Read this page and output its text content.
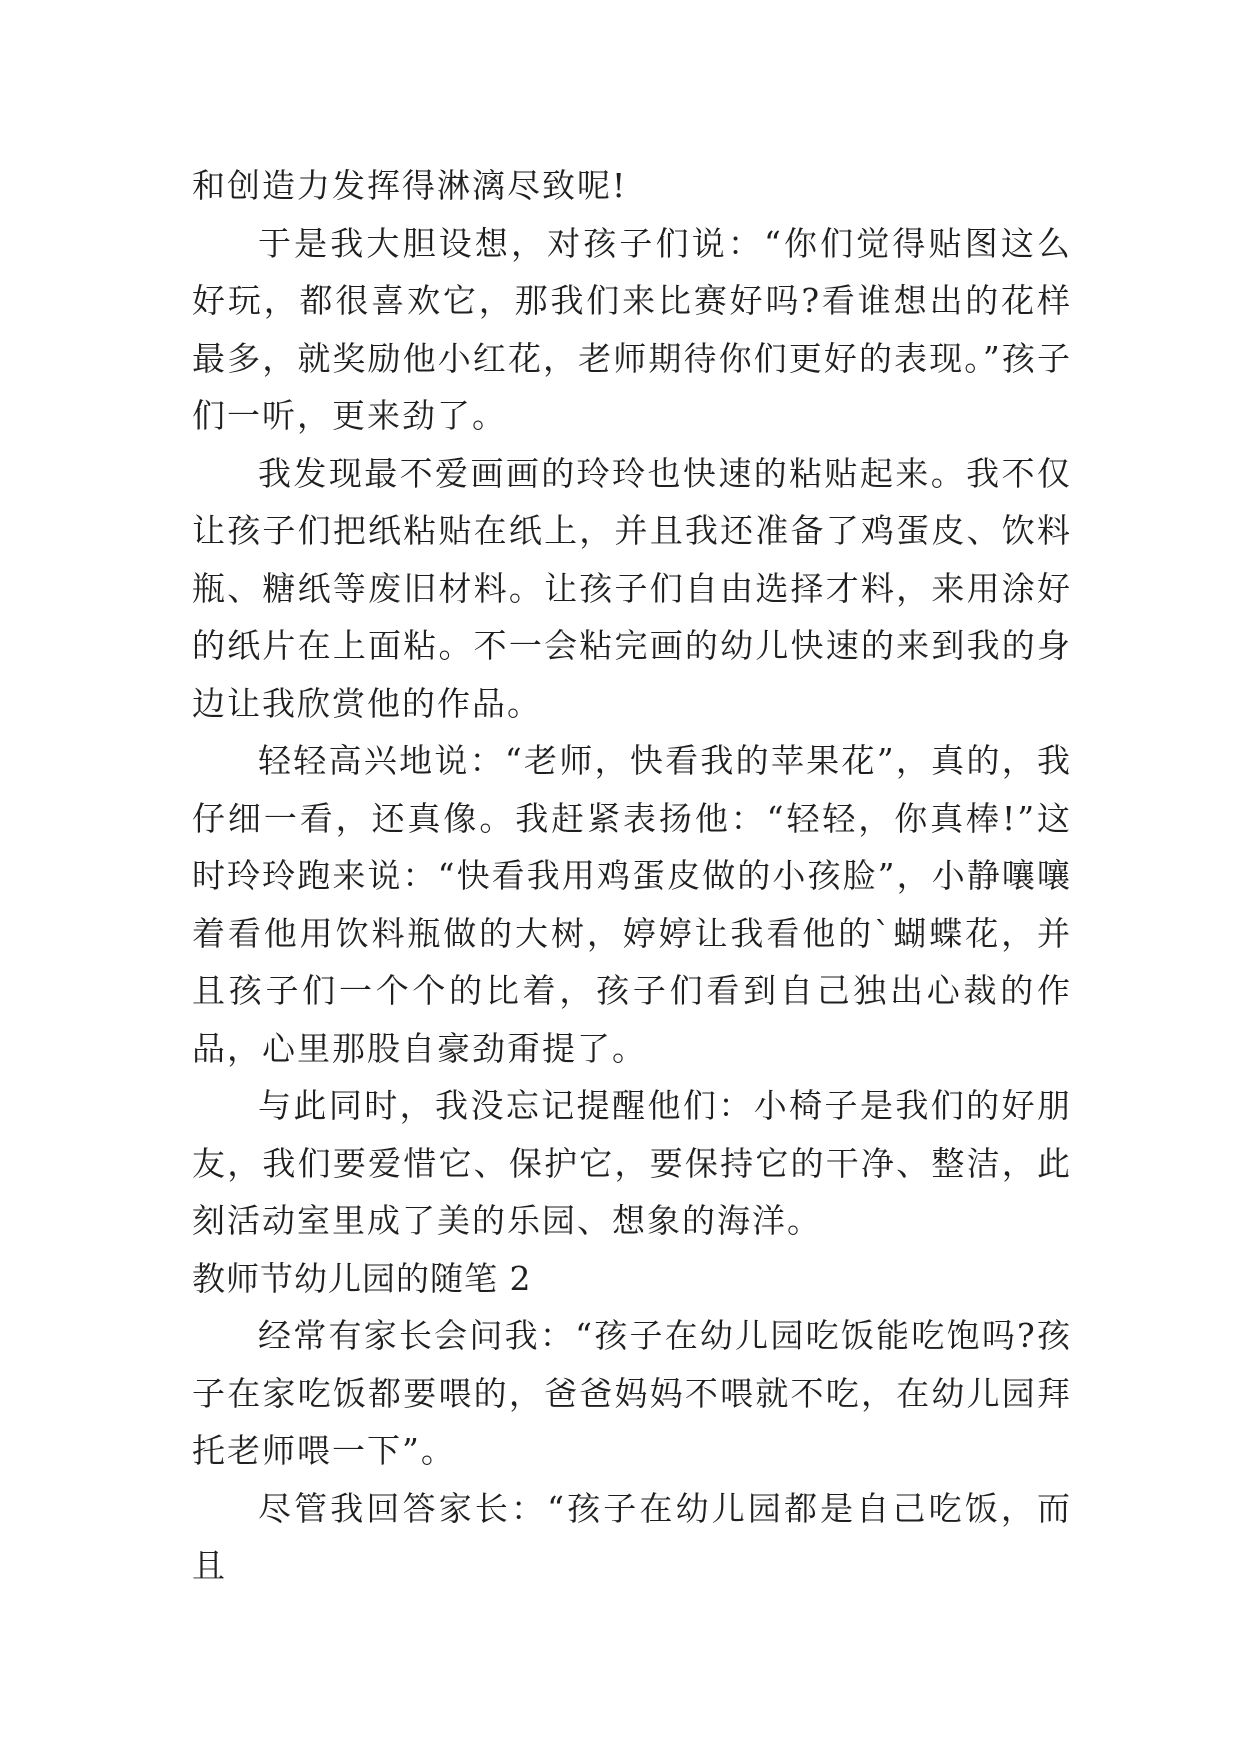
和创造力发挥得淋漓尽致呢!

于是我大胆设想，对孩子们说：“你们觉得贴图这么好玩，都很喜欢它，那我们来比赛好吗?看谁想出的花样最多，就奖励他小红花，老师期待你们更好的表现。”孩子们一听，更来劲了。

我发现最不爱画画的玲玲也快速的粘贴起来。我不仅让孩子们把纸粘贴在纸上，并且我还准备了鸡蛋皮、饮料瓶、糖纸等废旧材料。让孩子们自由选择才料，来用涂好的纸片在上面粘。不一会粘完画的幼儿快速的来到我的身边让我欣赏他的作品。

轻轻高兴地说：“老师，快看我的苹果花”，真的，我仔细一看，还真像。我赶紧表扬他：“轻轻，你真棒!”这时玲玲跑来说：“快看我用鸡蛋皮做的小孩脸”，小静嚷嚷着看他用饮料瓶做的大树，婷婷让我看他的`蝴蝶花，并且孩子们一个个的比着，孩子们看到自己独出心裁的作品，心里那股自豪劲甭提了。

与此同时，我没忘记提醒他们：小椅子是我们的好朋友，我们要爱惜它、保护它，要保持它的干净、整洁，此刻活动室里成了美的乐园、想象的海洋。

教师节幼儿园的随笔 2

经常有家长会问我：“孩子在幼儿园吃饭能吃饱吗?孩子在家吃饭都要喂的，爸爸妈妈不喂就不吃，在幼儿园拜托老师喂一下”。

尽管我回答家长：“孩子在幼儿园都是自己吃饭，而且
